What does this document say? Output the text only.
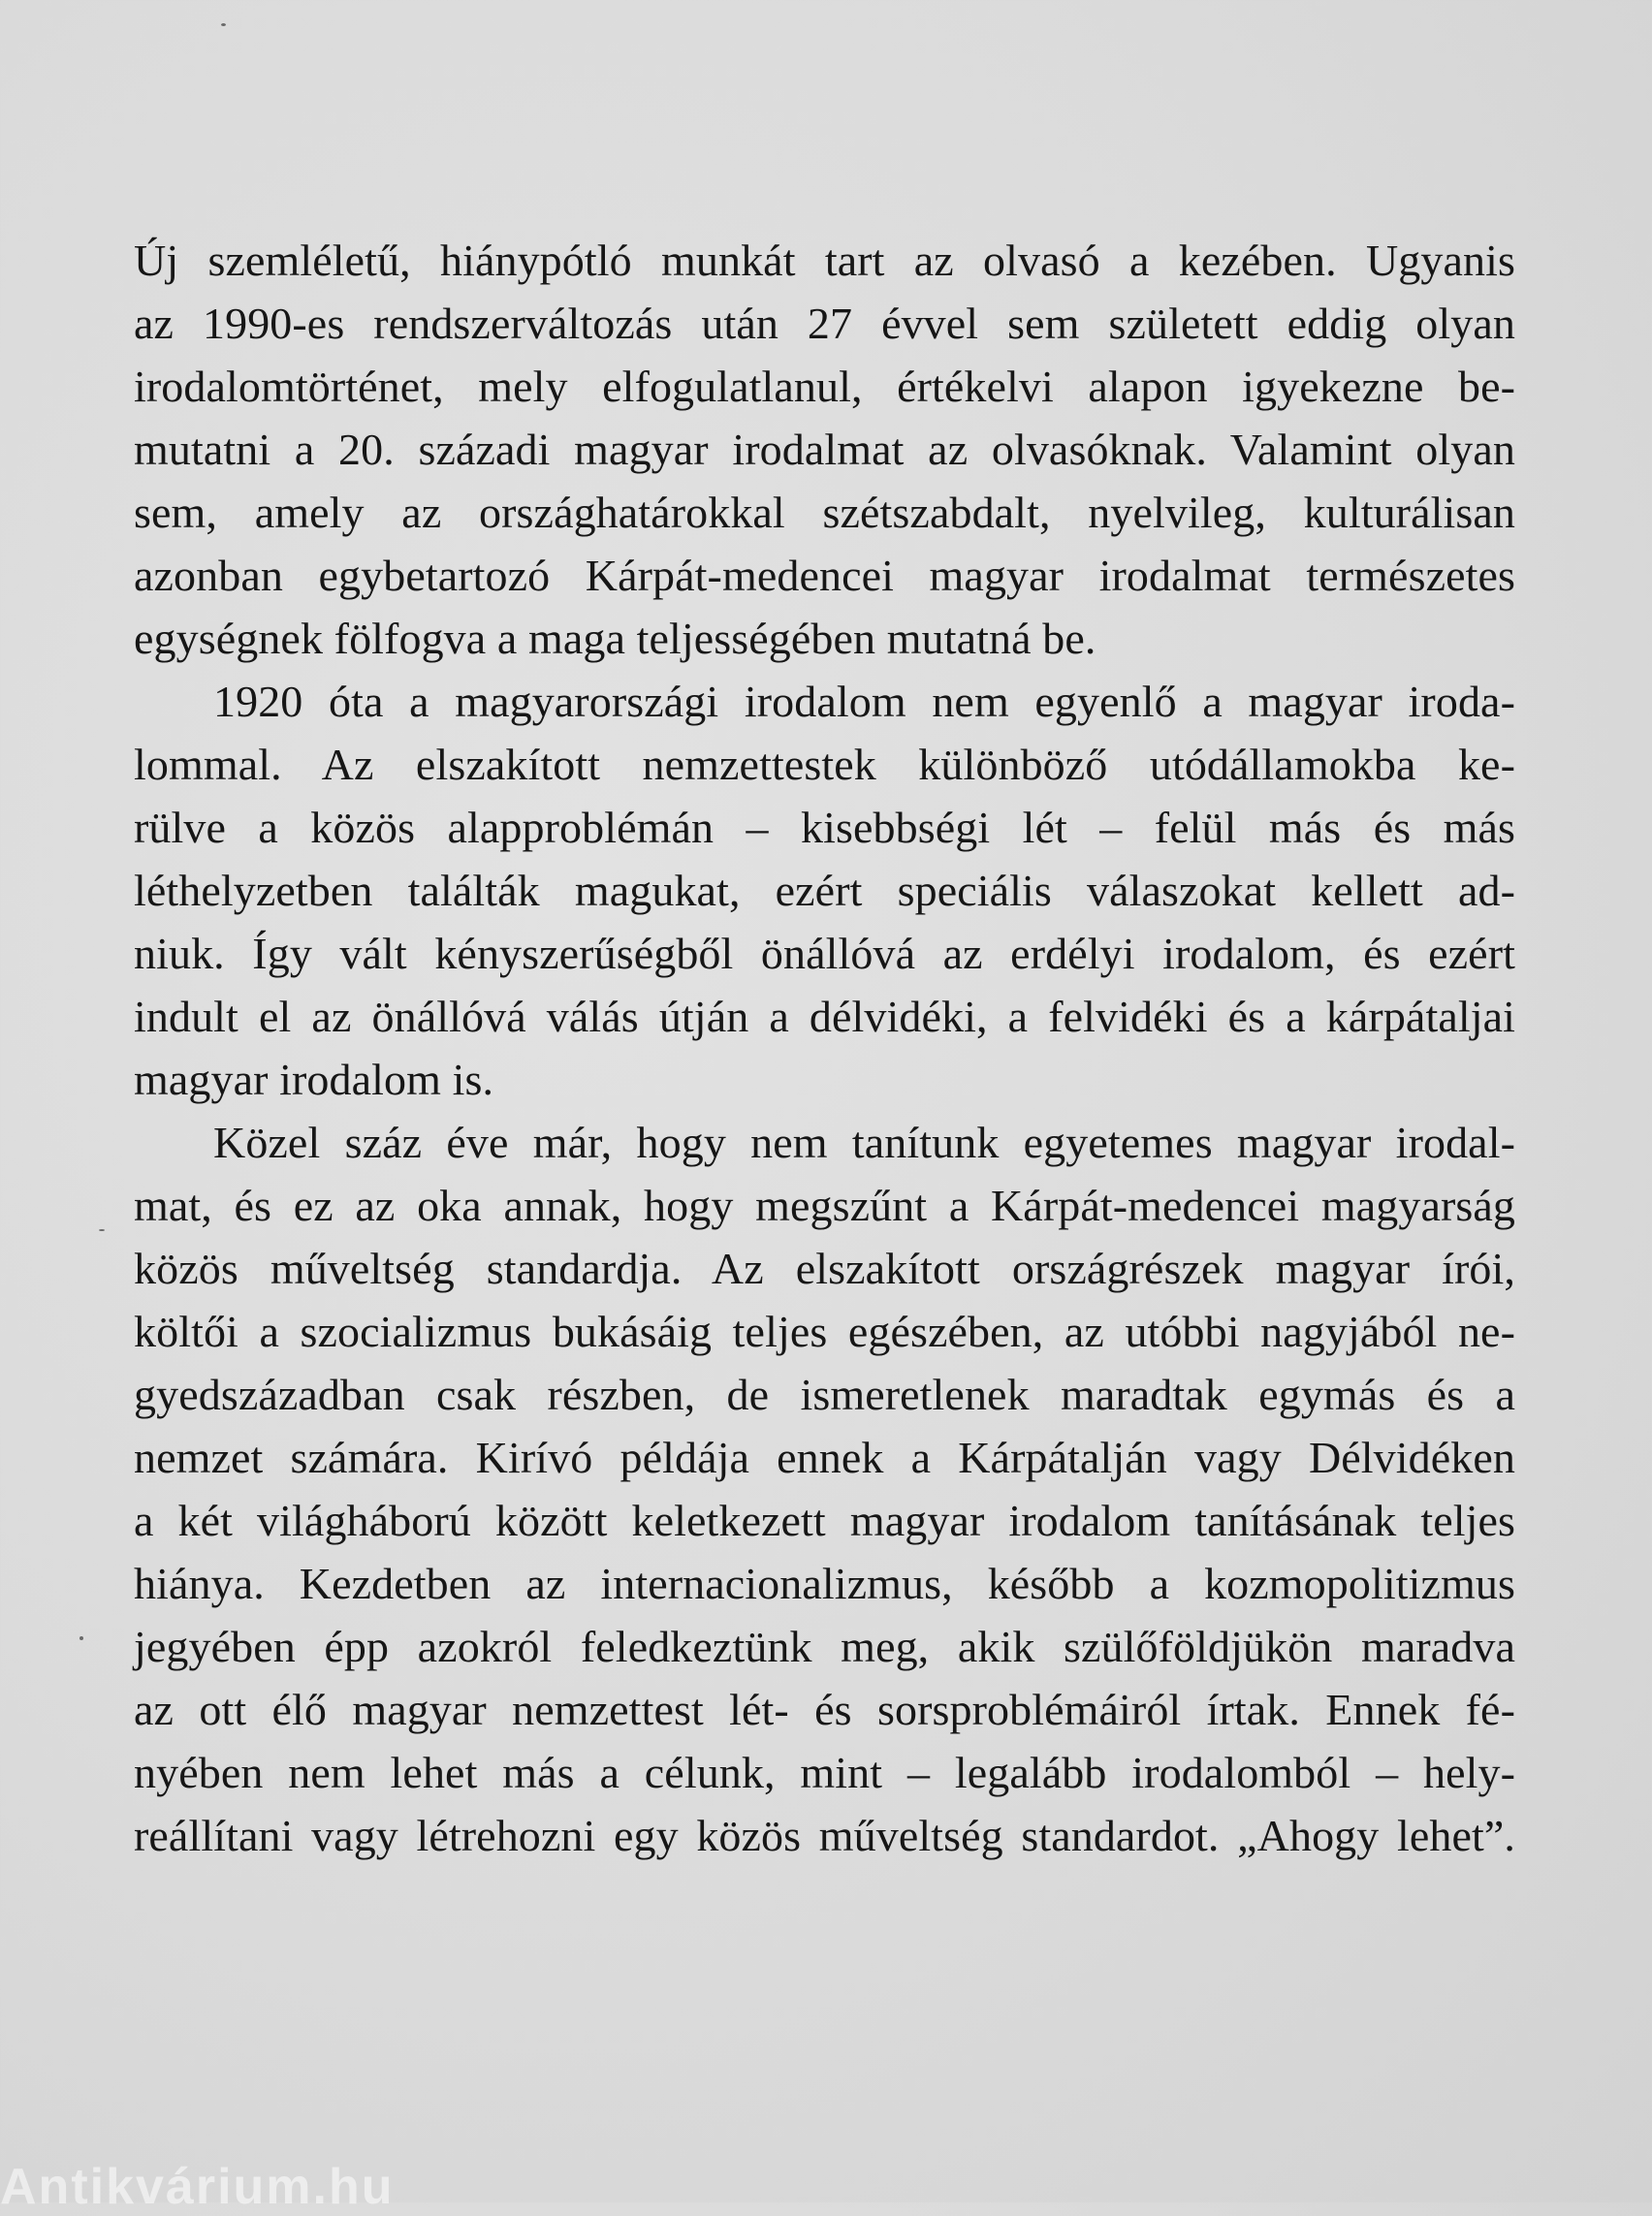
Új szemléletű, hiánypótló munkát tart az olvasó a kezében. Ugyanis
az 1990-es rendszerváltozás után 27 évvel sem született eddig olyan
irodalomtörténet, mely elfogulatlanul, értékelvi alapon igyekezne be-
mutatni a 20. századi magyar irodalmat az olvasóknak. Valamint olyan
sem, amely az országhatárokkal szétszabdalt, nyelvileg, kulturálisan
azonban egybetartozó Kárpát-medencei magyar irodalmat természetes
egységnek fölfogva a maga teljességében mutatná be.
1920 óta a magyarországi irodalom nem egyenlő a magyar iroda-
lommal. Az elszakított nemzettestek különböző utódállamokba ke-
rülve a közös alapproblémán – kisebbségi lét – felül más és más
léthelyzetben találták magukat, ezért speciális válaszokat kellett ad-
niuk. Így vált kényszerűségből önállóvá az erdélyi irodalom, és ezért
indult el az önállóvá válás útján a délvidéki, a felvidéki és a kárpátaljai
magyar irodalom is.
Közel száz éve már, hogy nem tanítunk egyetemes magyar irodal-
mat, és ez az oka annak, hogy megszűnt a Kárpát-medencei magyarság
közös műveltség standardja. Az elszakított országrészek magyar írói,
költői a szocializmus bukásáig teljes egészében, az utóbbi nagyjából ne-
gyedszázadban csak részben, de ismeretlenek maradtak egymás és a
nemzet számára. Kirívó példája ennek a Kárpátalján vagy Délvidéken
a két világháború között keletkezett magyar irodalom tanításának teljes
hiánya. Kezdetben az internacionalizmus, később a kozmopolitizmus
jegyében épp azokról feledkeztünk meg, akik szülőföldjükön maradva
az ott élő magyar nemzettest lét- és sorsproblémáiról írtak. Ennek fé-
nyében nem lehet más a célunk, mint – legalább irodalomból – hely-
reállítani vagy létrehozni egy közös műveltség standardot. „Ahogy lehet”.
Antikvárium.hu
